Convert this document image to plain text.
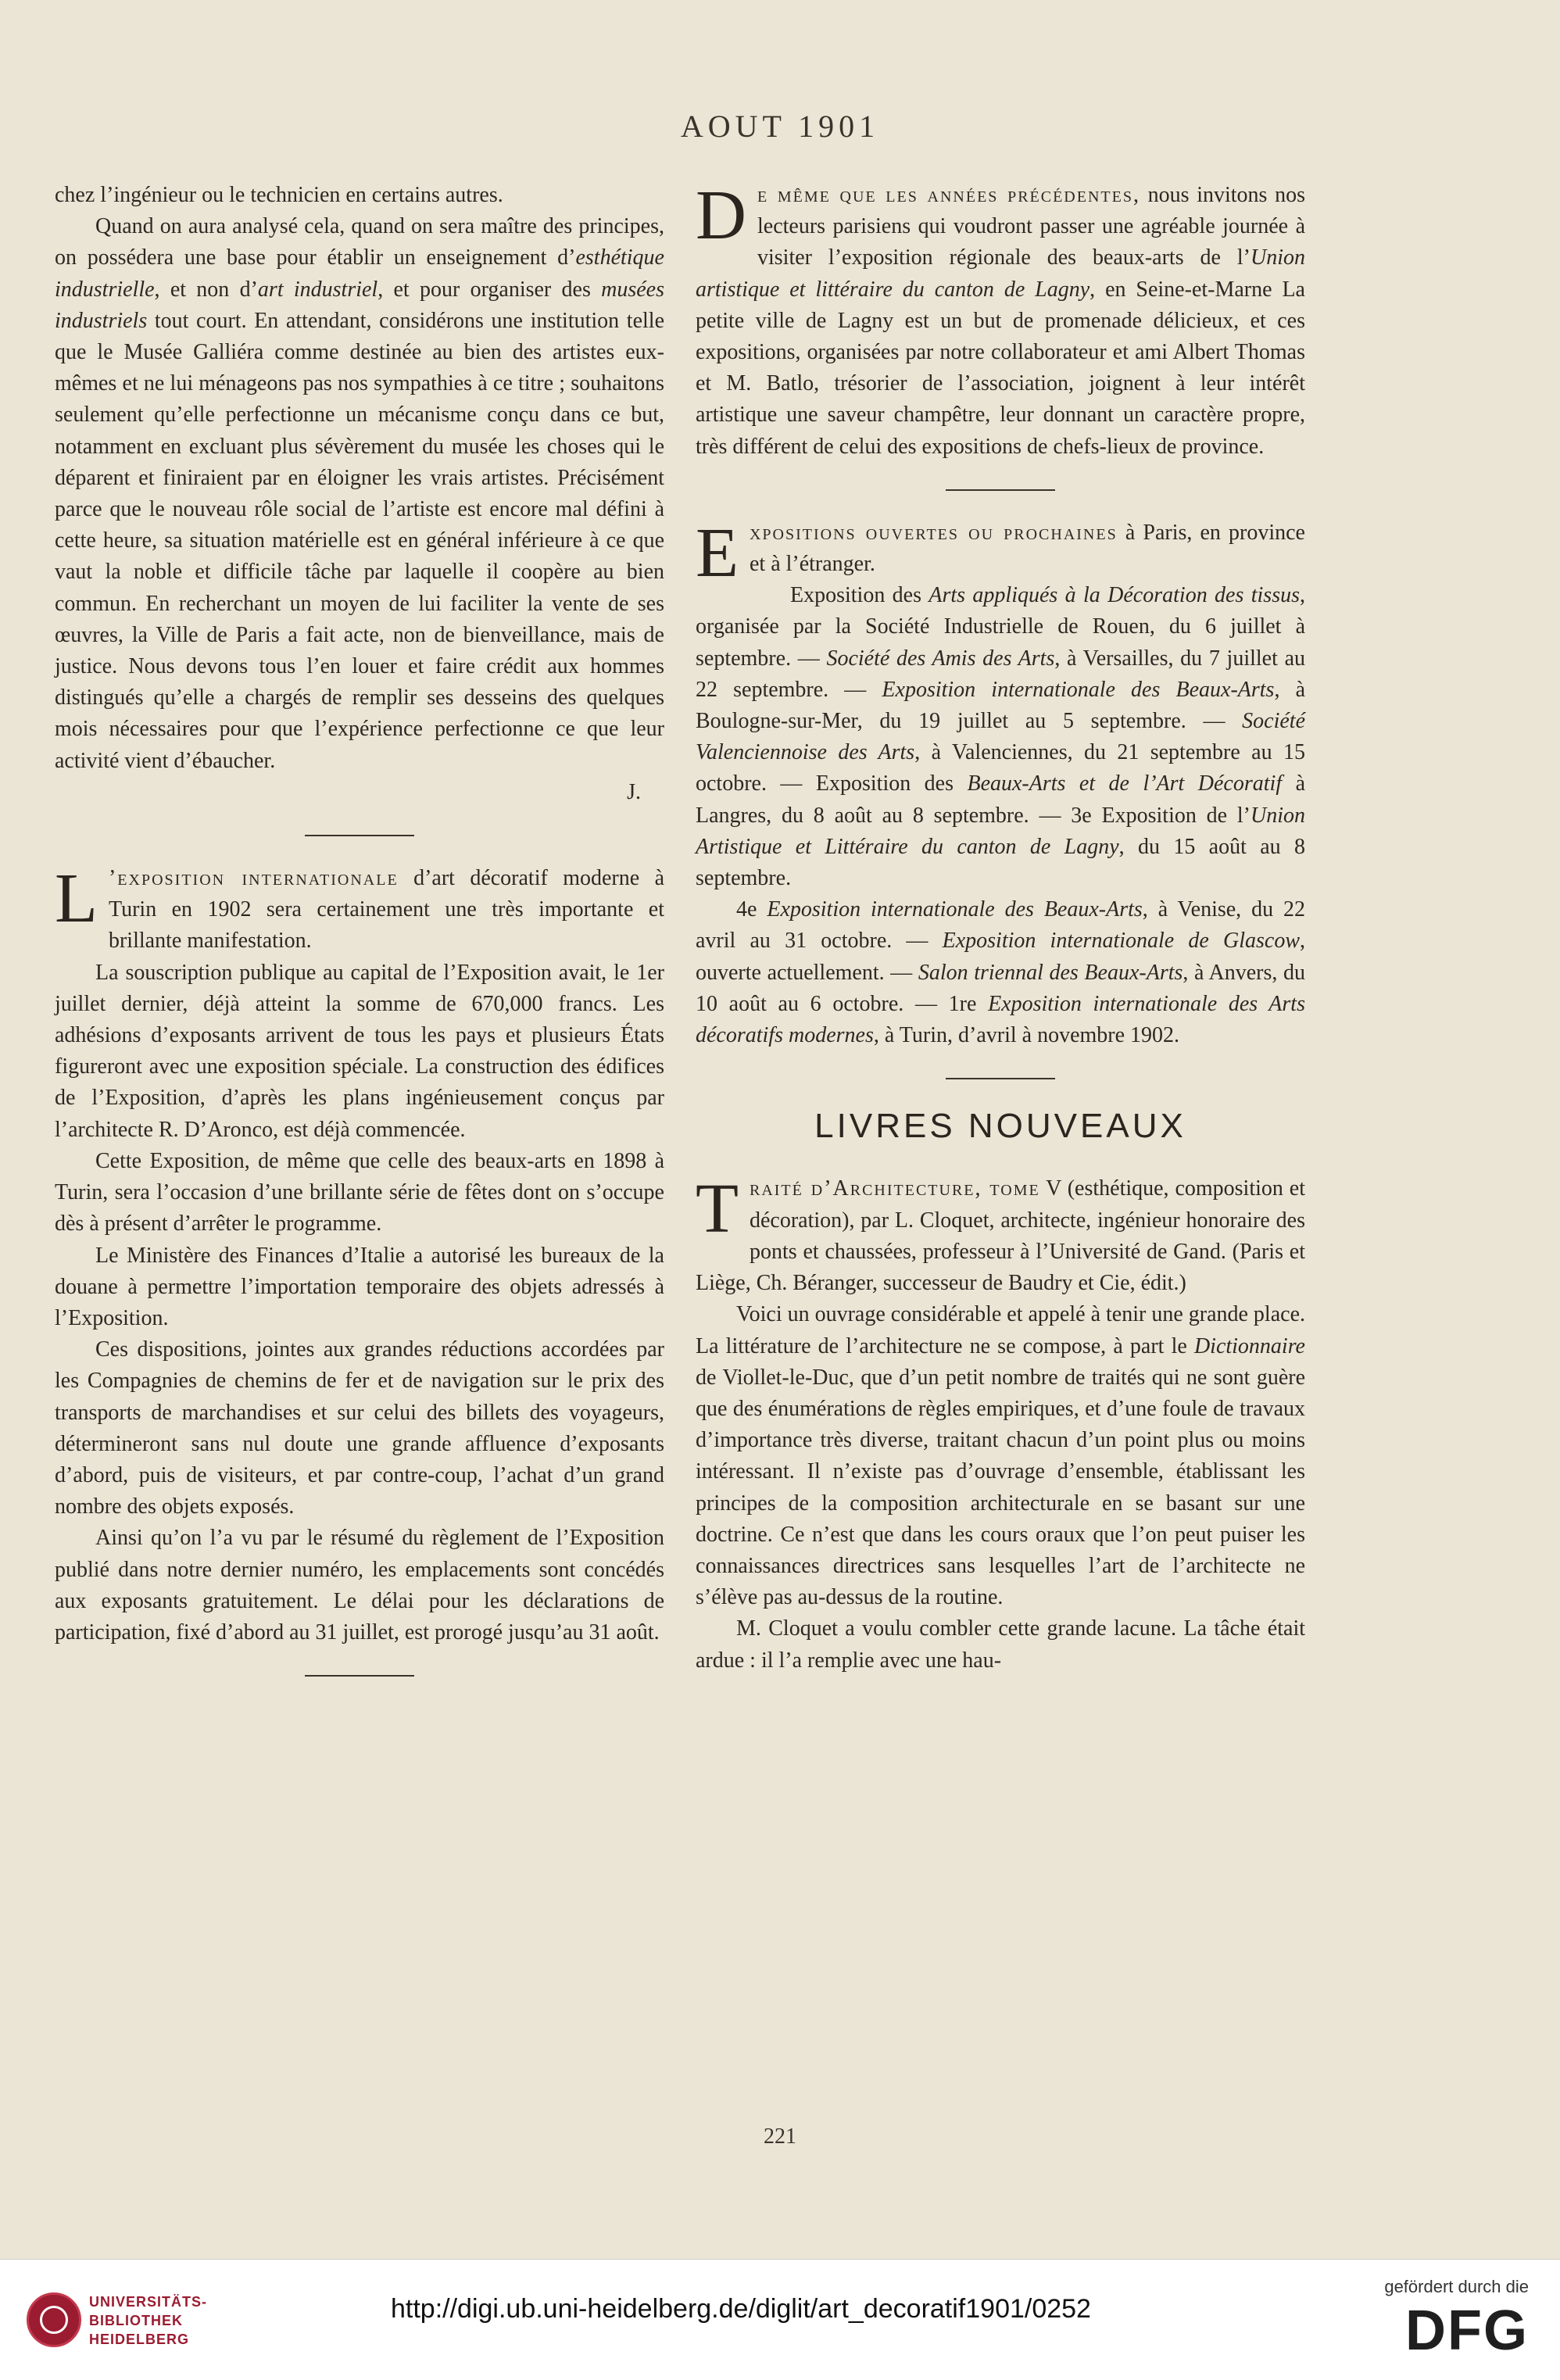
AOUT 1901

chez l’ingénieur ou le technicien en certains autres.

Quand on aura analysé cela, quand on sera maître des principes, on possédera une base pour établir un enseignement d’esthétique industrielle, et non d’art industriel, et pour organiser des musées industriels tout court. En attendant, considérons une institution telle que le Musée Galliéra comme destinée au bien des artistes eux-mêmes et ne lui ménageons pas nos sympathies à ce titre ; souhaitons seulement qu’elle perfectionne un mécanisme conçu dans ce but, notamment en excluant plus sévèrement du musée les choses qui le déparent et finiraient par en éloigner les vrais artistes. Précisément parce que le nouveau rôle social de l’artiste est encore mal défini à cette heure, sa situation matérielle est en général inférieure à ce que vaut la noble et difficile tâche par laquelle il coopère au bien commun. En recherchant un moyen de lui faciliter la vente de ses œuvres, la Ville de Paris a fait acte, non de bienveillance, mais de justice. Nous devons tous l’en louer et faire crédit aux hommes distingués qu’elle a chargés de remplir ses desseins des quelques mois nécessaires pour que l’expérience perfectionne ce que leur activité vient d’ébaucher.

J.

L ’exposition internationale d’art décoratif moderne à Turin en 1902 sera certainement une très importante et brillante manifestation.

La souscription publique au capital de l’Exposition avait, le 1er juillet dernier, déjà atteint la somme de 670,000 francs. Les adhésions d’exposants arrivent de tous les pays et plusieurs États figureront avec une exposition spéciale. La construction des édifices de l’Exposition, d’après les plans ingénieusement conçus par l’architecte R. D’Aronco, est déjà commencée.

Cette Exposition, de même que celle des beaux-arts en 1898 à Turin, sera l’occasion d’une brillante série de fêtes dont on s’occupe dès à présent d’arrêter le programme.

Le Ministère des Finances d’Italie a autorisé les bureaux de la douane à permettre l’importation temporaire des objets adressés à l’Exposition.

Ces dispositions, jointes aux grandes réductions accordées par les Compagnies de chemins de fer et de navigation sur le prix des transports de marchandises et sur celui des billets des voyageurs, détermineront sans nul doute une grande affluence d’exposants d’abord, puis de visiteurs, et par contre-coup, l’achat d’un grand nombre des objets exposés.

Ainsi qu’on l’a vu par le résumé du règlement de l’Exposition publié dans notre dernier numéro, les emplacements sont concédés aux exposants gratuitement. Le délai pour les déclarations de participation, fixé d’abord au 31 juillet, est prorogé jusqu’au 31 août.

De même que les années précédentes, nous invitons nos lecteurs parisiens qui voudront passer une agréable journée à visiter l’exposition régionale des beaux-arts de l’Union artistique et littéraire du canton de Lagny, en Seine-et-Marne La petite ville de Lagny est un but de promenade délicieux, et ces expositions, organisées par notre collaborateur et ami Albert Thomas et M. Batlo, trésorier de l’association, joignent à leur intérêt artistique une saveur champêtre, leur donnant un caractère propre, très différent de celui des expositions de chefs-lieux de province.

Expositions ouvertes ou prochaines à Paris, en province et à l’étranger.

Exposition des Arts appliqués à la Décoration des tissus, organisée par la Société Industrielle de Rouen, du 6 juillet à septembre. — Société des Amis des Arts, à Versailles, du 7 juillet au 22 septembre. — Exposition internationale des Beaux-Arts, à Boulogne-sur-Mer, du 19 juillet au 5 septembre. — Société Valenciennoise des Arts, à Valenciennes, du 21 septembre au 15 octobre. — Exposition des Beaux-Arts et de l’Art Décoratif à Langres, du 8 août au 8 septembre. — 3e Exposition de l’Union Artistique et Littéraire du canton de Lagny, du 15 août au 8 septembre.

4e Exposition internationale des Beaux-Arts, à Venise, du 22 avril au 31 octobre. — Exposition internationale de Glascow, ouverte actuellement. — Salon triennal des Beaux-Arts, à Anvers, du 10 août au 6 octobre. — 1re Exposition internationale des Arts décoratifs modernes, à Turin, d’avril à novembre 1902.

LIVRES NOUVEAUX

Traité d’Architecture, tome V (esthétique, composition et décoration), par L. Cloquet, architecte, ingénieur honoraire des ponts et chaussées, professeur à l’Université de Gand. (Paris et Liège, Ch. Béranger, successeur de Baudry et Cie, édit.)

Voici un ouvrage considérable et appelé à tenir une grande place. La littérature de l’architecture ne se compose, à part le Dictionnaire de Viollet-le-Duc, que d’un petit nombre de traités qui ne sont guère que des énumérations de règles empiriques, et d’une foule de travaux d’importance très diverse, traitant chacun d’un point plus ou moins intéressant. Il n’existe pas d’ouvrage d’ensemble, établissant les principes de la composition architecturale en se basant sur une doctrine. Ce n’est que dans les cours oraux que l’on peut puiser les connaissances directrices sans lesquelles l’art de l’architecte ne s’élève pas au-dessus de la routine.

M. Cloquet a voulu combler cette grande lacune. La tâche était ardue : il l’a remplie avec une hau-

221
UNIVERSITÄTS-
BIBLIOTHEK
HEIDELBERG
http://digi.ub.uni-heidelberg.de/diglit/art_decoratif1901/0252
gefördert durch die
DFG
